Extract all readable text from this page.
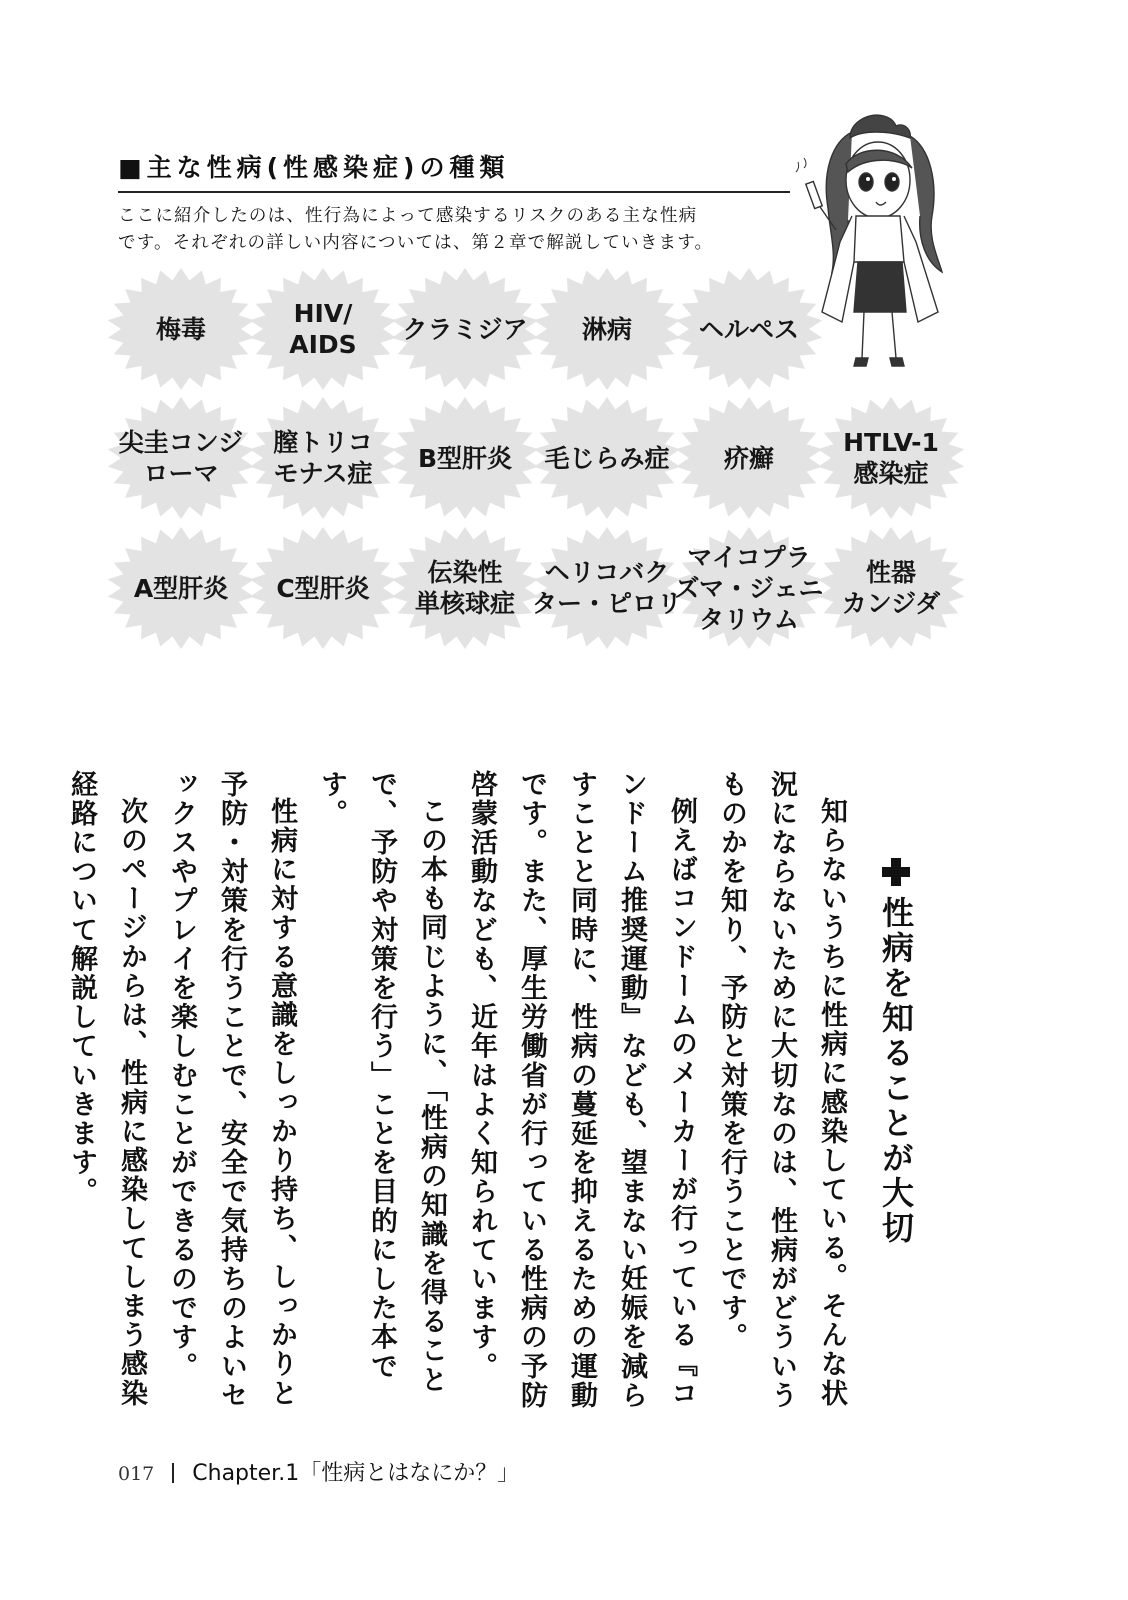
■主な性病(性感染症)の種類
ここに紹介したのは、性行為によって感染するリスクのある主な性病
です。それぞれの詳しい内容については、第２章で解説していきます。
梅毒
HIV/
AIDS
クラミジア	淋病	ヘルペス
尖圭コンジ
ローマ
膣トリコ
モナス症
B型肝炎	毛じらみ症	疥癬
HTLV-1
感染症
A型肝炎	C型肝炎
伝染性
単核球症
ヘリコバク
ター・ピロリ
マイコプラ
ズマ・ジェニ
タリウム
性器
カンジダ
性病を知ることが大切

知らないうちに性病に感染している。そんな状況にならないために大切なのは、性病がどういうものかを知り、予防と対策を行うことです。

例えばコンドームのメーカーが行っている『コンドーム推奨運動』なども、望まない妊娠を減らすことと同時に、性病の蔓延を抑えるための運動です。また、厚生労働省が行っている性病の予防啓蒙活動なども、近年はよく知られています。

この本も同じように、「性病の知識を得ることで、予防や対策を行う」ことを目的にした本です。

性病に対する意識をしっかり持ち、しっかりと予防・対策を行うことで、安全で気持ちのよいセックスやプレイを楽しむことができるのです。

次のページからは、性病に感染してしまう感染経路について解説していきます。

017 Chapter.1「性病とはなにか？」
